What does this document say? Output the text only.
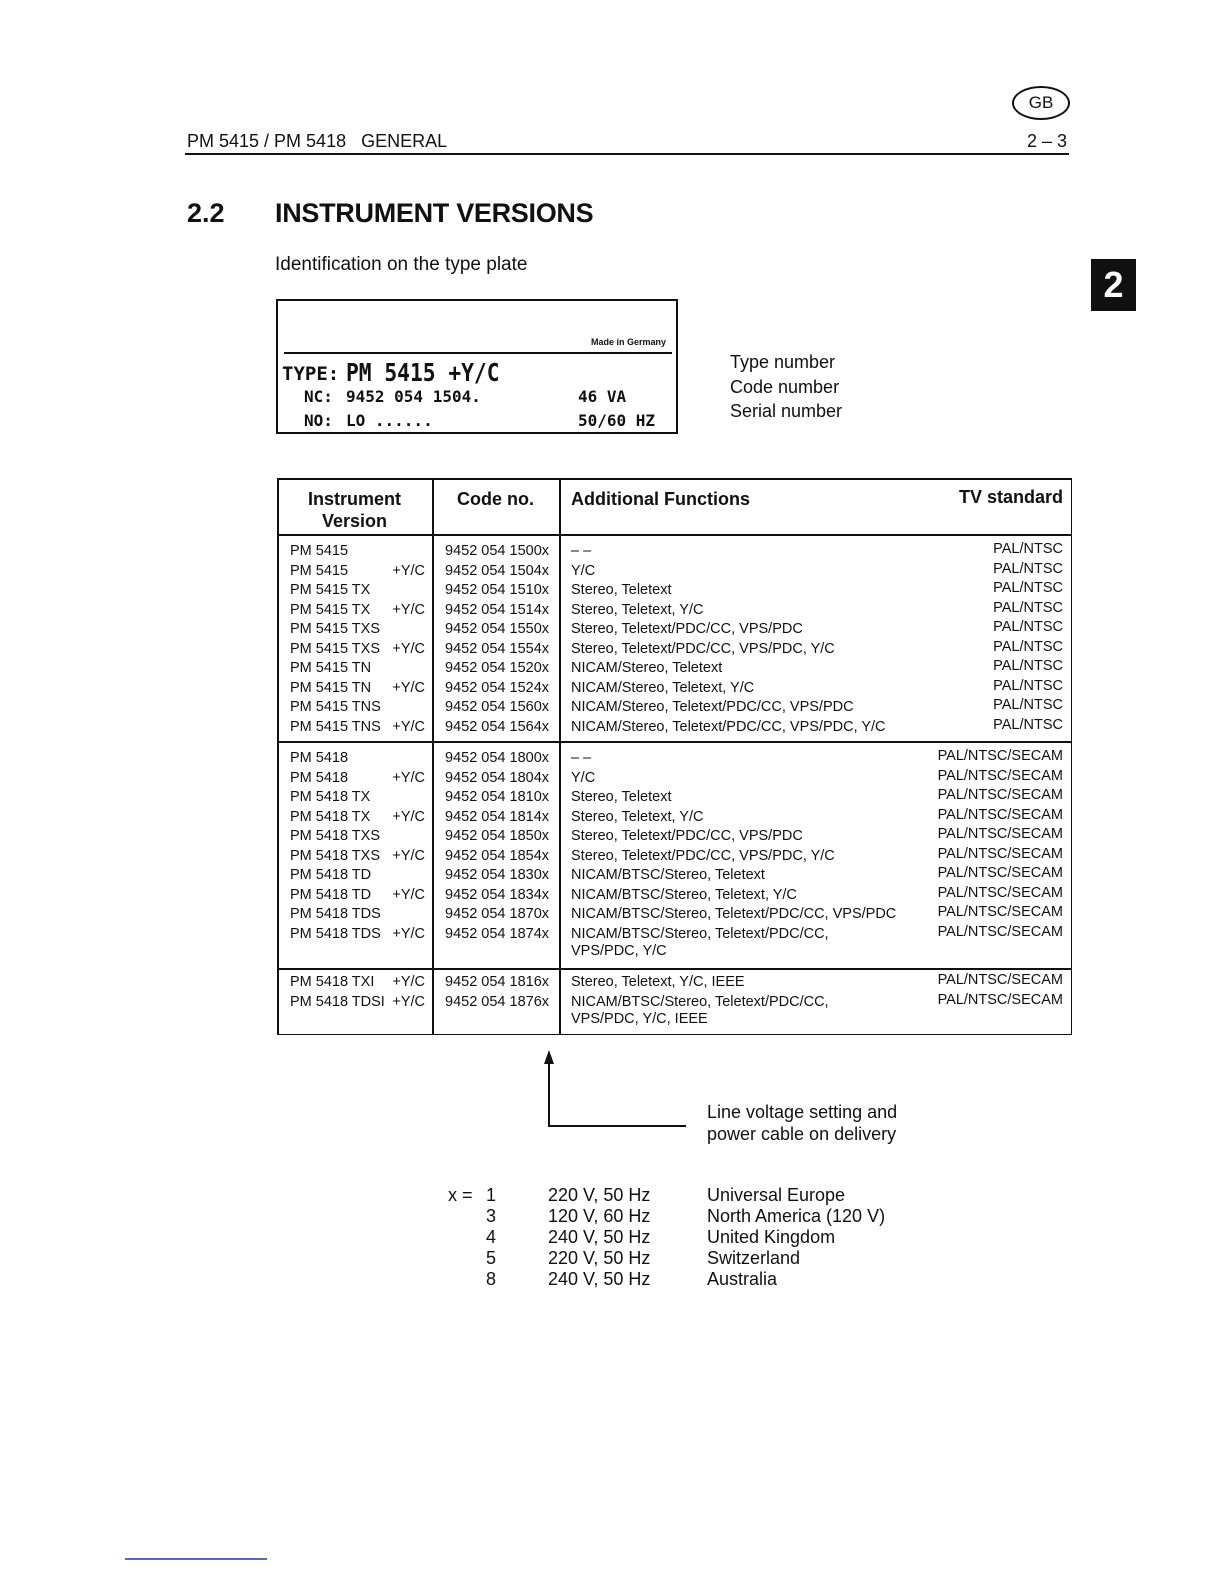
GB
PM 5415 / PM 5418   GENERAL	2 – 3
2.2 INSTRUMENT VERSIONS
Identification on the type plate	2
Made in Germany
TYPE: PM 5415 +Y/C
NC: 9452 054 1504.
NO: LO ......
46 VA
50/60 HZ
Type number
Code number
Serial number
Instrument
Version
Code no.	Additional Functions	TV standard
PM 5415	9452 054 1500x – –	PAL/NTSC
PM 5415	+Y/C 9452 054 1504x Y/C	PAL/NTSC
PM 5415 TX	9452 054 1510x Stereo, Teletext	PAL/NTSC
PM 5415 TX	+Y/C 9452 054 1514x Stereo, Teletext, Y/C	PAL/NTSC
PM 5415 TXS	9452 054 1550x Stereo, Teletext/PDC/CC, VPS/PDC	PAL/NTSC
PM 5415 TXS +Y/C 9452 054 1554x Stereo, Teletext/PDC/CC, VPS/PDC, Y/C	PAL/NTSC
PM 5415 TN	9452 054 1520x NICAM/Stereo, Teletext	PAL/NTSC
PM 5415 TN	+Y/C 9452 054 1524x NICAM/Stereo, Teletext, Y/C	PAL/NTSC
PM 5415 TNS	9452 054 1560x NICAM/Stereo, Teletext/PDC/CC, VPS/PDC	PAL/NTSC
PM 5415 TNS +Y/C 9452 054 1564x NICAM/Stereo, Teletext/PDC/CC, VPS/PDC, Y/C	PAL/NTSC
PM 5418	9452 054 1800x – –	PAL/NTSC/SECAM
PM 5418	+Y/C 9452 054 1804x Y/C	PAL/NTSC/SECAM
PM 5418 TX	9452 054 1810x Stereo, Teletext	PAL/NTSC/SECAM
PM 5418 TX	+Y/C 9452 054 1814x Stereo, Teletext, Y/C	PAL/NTSC/SECAM
PM 5418 TXS	9452 054 1850x Stereo, Teletext/PDC/CC, VPS/PDC	PAL/NTSC/SECAM
PM 5418 TXS +Y/C 9452 054 1854x Stereo, Teletext/PDC/CC, VPS/PDC, Y/C	PAL/NTSC/SECAM
PM 5418 TD	9452 054 1830x NICAM/BTSC/Stereo, Teletext	PAL/NTSC/SECAM
PM 5418 TD	+Y/C 9452 054 1834x NICAM/BTSC/Stereo, Teletext, Y/C	PAL/NTSC/SECAM
PM 5418 TDS	9452 054 1870x NICAM/BTSC/Stereo, Teletext/PDC/CC, VPS/PDC	PAL/NTSC/SECAM
PM 5418 TDS +Y/C 9452 054 1874x NICAM/BTSC/Stereo, Teletext/PDC/CC,	PAL/NTSC/SECAM
VPS/PDC, Y/C
PM 5418 TXI	+Y/C 9452 054 1816x Stereo, Teletext, Y/C, IEEE	PAL/NTSC/SECAM
PM 5418 TDSI +Y/C 9452 054 1876x NICAM/BTSC/Stereo, Teletext/PDC/CC,	PAL/NTSC/SECAM
VPS/PDC, Y/C, IEEE
Line voltage setting and
power cable on delivery
x = 1	220 V, 50 Hz	Universal Europe
3	120 V, 60 Hz	North America (120 V)
4	240 V, 50 Hz	United Kingdom
5	220 V, 50 Hz	Switzerland
8	240 V, 50 Hz	Australia
